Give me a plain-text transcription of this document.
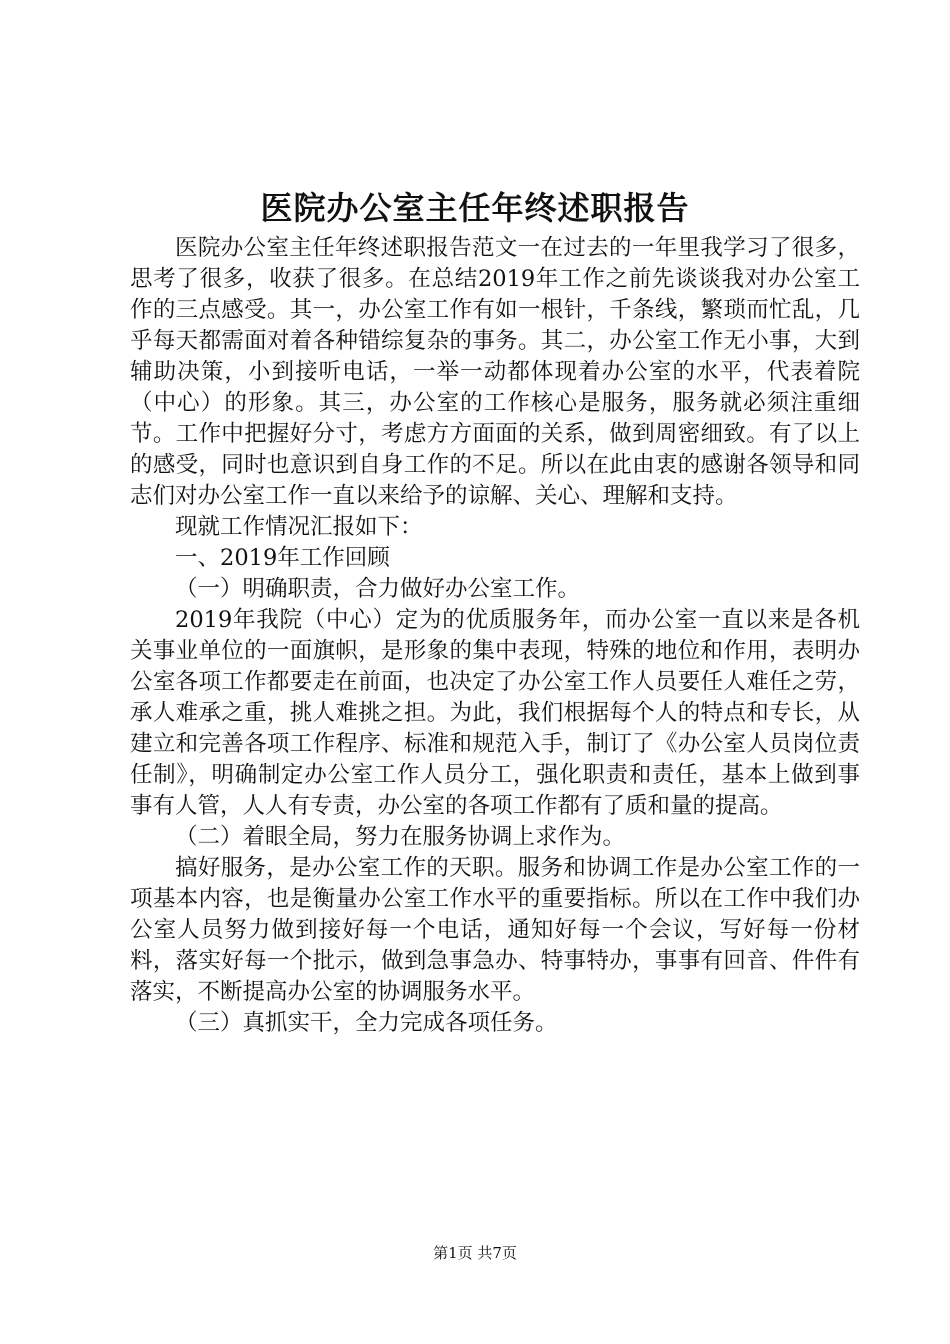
医院办公室主任年终述职报告

医院办公室主任年终述职报告范文一在过去的一年里我学习了很多，思考了很多，收获了很多。在总结2019年工作之前先谈谈我对办公室工作的三点感受。其一，办公室工作有如一根针，千条线，繁琐而忙乱，几乎每天都需面对着各种错综复杂的事务。其二，办公室工作无小事，大到辅助决策，小到接听电话，一举一动都体现着办公室的水平，代表着院（中心）的形象。其三，办公室的工作核心是服务，服务就必须注重细节。工作中把握好分寸，考虑方方面面的关系，做到周密细致。有了以上的感受，同时也意识到自身工作的不足。所以在此由衷的感谢各领导和同志们对办公室工作一直以来给予的谅解、关心、理解和支持。

现就工作情况汇报如下：

一、2019年工作回顾

（一）明确职责，合力做好办公室工作。

2019年我院（中心）定为的优质服务年，而办公室一直以来是各机关事业单位的一面旗帜，是形象的集中表现，特殊的地位和作用，表明办公室各项工作都要走在前面，也决定了办公室工作人员要任人难任之劳，承人难承之重，挑人难挑之担。为此，我们根据每个人的特点和专长，从建立和完善各项工作程序、标准和规范入手，制订了《办公室人员岗位责任制》，明确制定办公室工作人员分工，强化职责和责任，基本上做到事事有人管，人人有专责，办公室的各项工作都有了质和量的提高。

（二）着眼全局，努力在服务协调上求作为。

搞好服务，是办公室工作的天职。服务和协调工作是办公室工作的一项基本内容，也是衡量办公室工作水平的重要指标。所以在工作中我们办公室人员努力做到接好每一个电话，通知好每一个会议，写好每一份材料，落实好每一个批示，做到急事急办、特事特办，事事有回音、件件有落实，不断提高办公室的协调服务水平。

（三）真抓实干，全力完成各项任务。

第1页 共7页
